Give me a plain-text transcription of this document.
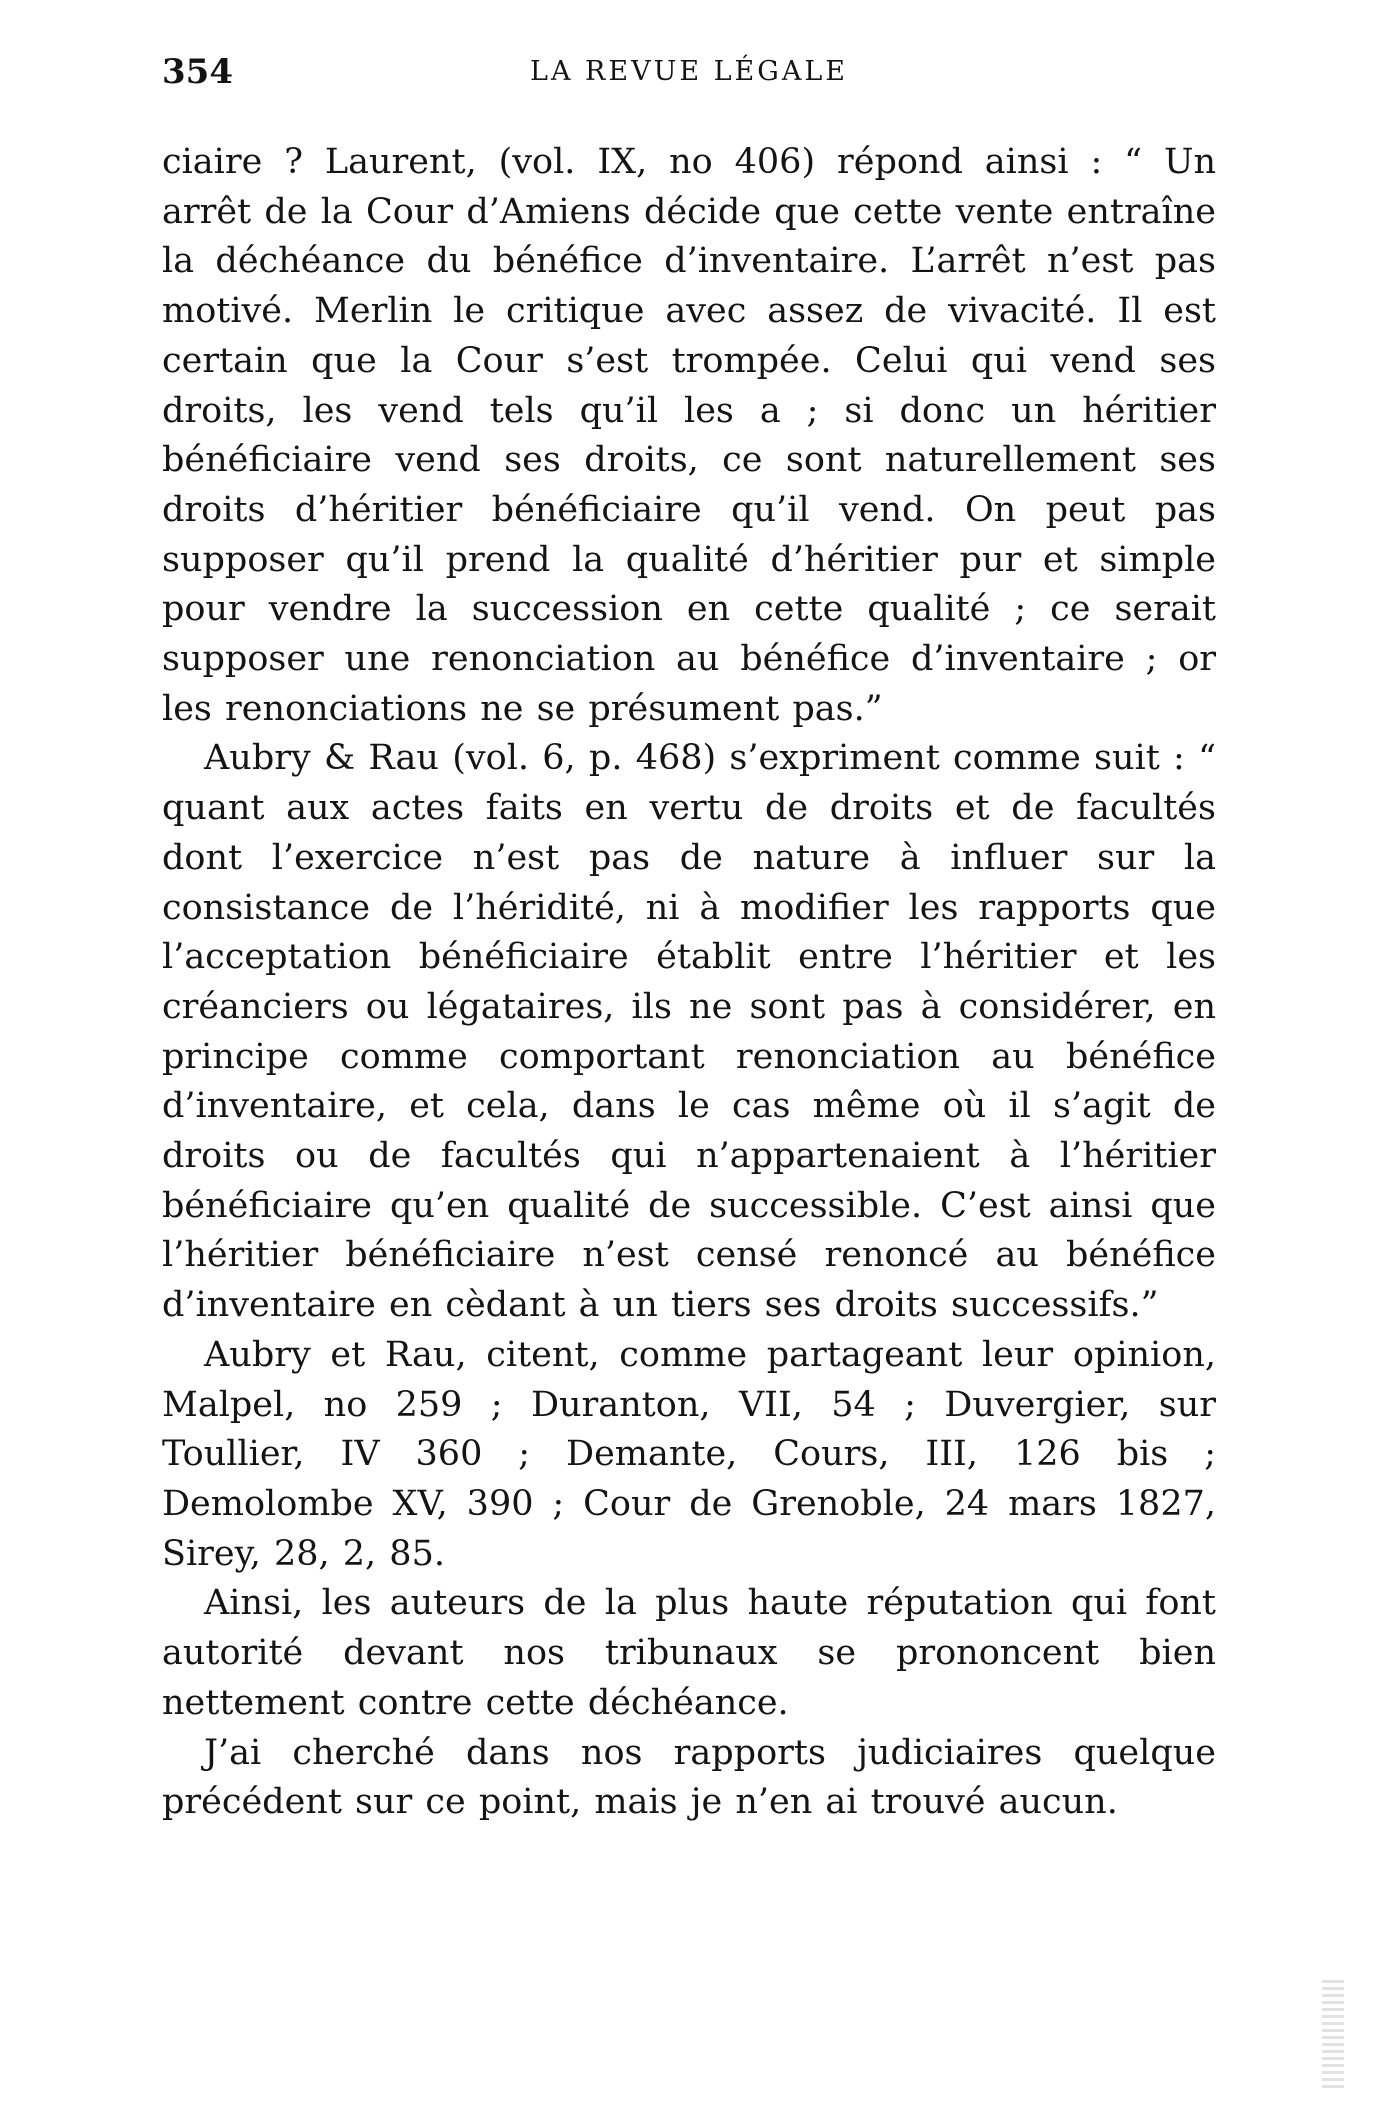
354	LA REVUE LÉGALE

ciaire ? Laurent, (vol. IX, no 406) répond ainsi : “ Un arrêt de la Cour d’Amiens décide que cette vente entraîne la déchéance du bénéfice d’inventaire. L’arrêt n’est pas motivé. Merlin le critique avec assez de vivacité. Il est certain que la Cour s’est trompée. Celui qui vend ses droits, les vend tels qu’il les a ; si donc un héritier bénéficiaire vend ses droits, ce sont naturellement ses droits d’héritier bénéficiaire qu’il vend. On peut pas supposer qu’il prend la qualité d’héritier pur et simple pour vendre la succession en cette qualité ; ce serait supposer une renonciation au bénéfice d’inventaire ; or les renonciations ne se présument pas.”

Aubry & Rau (vol. 6, p. 468) s’expriment comme suit : “ quant aux actes faits en vertu de droits et de facultés dont l’exercice n’est pas de nature à influer sur la consistance de l’héridité, ni à modifier les rapports que l’acceptation bénéficiaire établit entre l’héritier et les créanciers ou légataires, ils ne sont pas à considérer, en principe comme comportant renonciation au bénéfice d’inventaire, et cela, dans le cas même où il s’agit de droits ou de facultés qui n’appartenaient à l’héritier bénéficiaire qu’en qualité de successible. C’est ainsi que l’héritier bénéficiaire n’est censé renoncé au bénéfice d’inventaire en cèdant à un tiers ses droits successifs.”

Aubry et Rau, citent, comme partageant leur opinion, Malpel, no 259 ; Duranton, VII, 54 ; Duvergier, sur Toullier, IV 360 ; Demante, Cours, III, 126 bis ; Demolombe XV, 390 ; Cour de Grenoble, 24 mars 1827, Sirey, 28, 2, 85.

Ainsi, les auteurs de la plus haute réputation qui font autorité devant nos tribunaux se prononcent bien nettement contre cette déchéance.

J’ai cherché dans nos rapports judiciaires quelque précédent sur ce point, mais je n’en ai trouvé aucun.
